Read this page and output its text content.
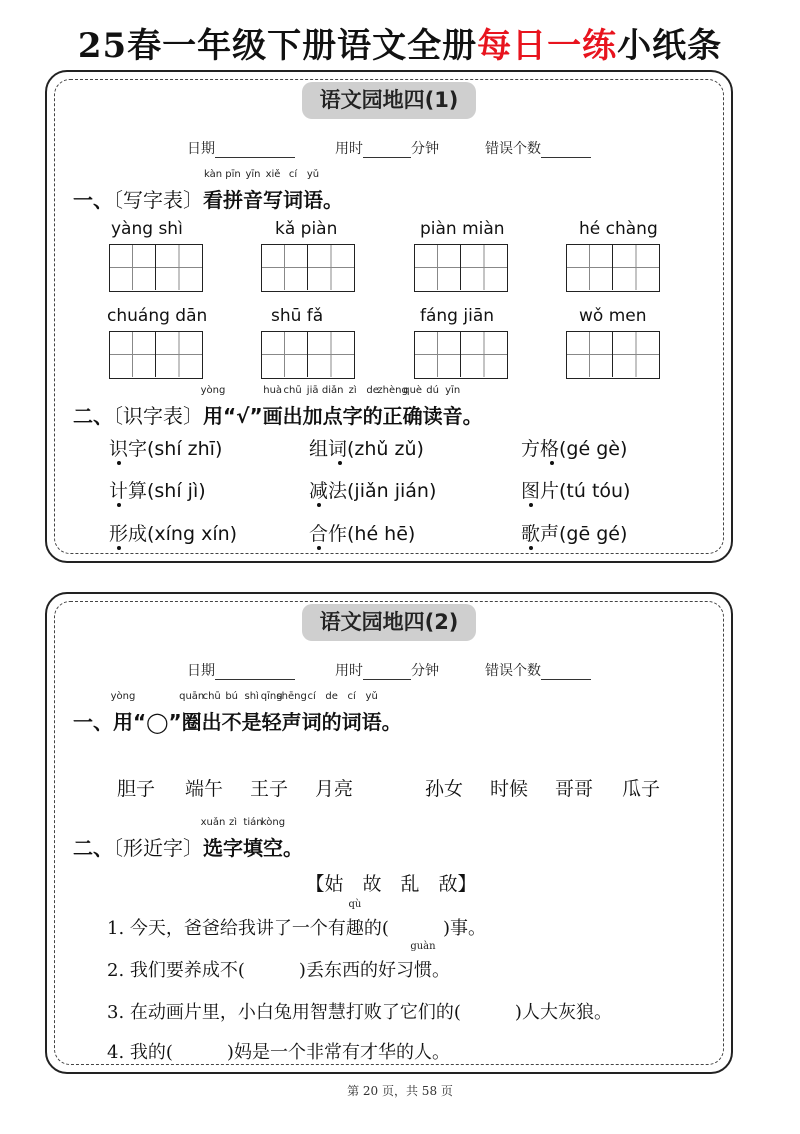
25春一年级下册语文全册每日一练小纸条
语文园地四(1)
日期	用时	分钟	错误个数
一、〔写字表〕看
kàn
拼
pīn
音
yīn
写
xiě
词
cí
语
yǔ
。
yàng shì	kǎ piàn	piàn miàn	hé chàng
chuáng dān	shū fǎ	fáng jiān	wǒ men
二、〔识字表〕用
yòng
“√”画
huà
出
chū
加
jiā
点
diǎn
字
zì
的
de
正
zhèng
确
què
读
dú
音
yīn
。
识字(shí zhī)	组词(zhǔ zǔ)	方格(gé gè)
计算(shí jì)	减法(jiǎn jián)	图片(tú tóu)
形成(xíng xín)	合作(hé hē)	歌声(gē gé)
语文园地四(2)
日期	用时	分钟	错误个数
一、用
yòng
“◯”圈
quān
出
chū
不
bú
是
shì
轻
qīng
声
shēng
词
cí
的
de
词
cí
语
yǔ
。
胆子 端午 王子 月亮	孙女 时候 哥哥 瓜子
二、〔形近字〕选
xuǎn
字
zì
填
tián
空
kòng
。
【姑　故　乱　敌】
1. 今天，爸爸给我讲了一个有趣
qù
的(　　　	)事。
2. 我们要养成不(　　　	)丢东西的好习惯
guàn
。
3. 在动画片里，小白兔用智慧打败了它们的(　　　	)人大灰狼。
4. 我的(　　　	)妈是一个非常有才华的人。
第 20 页，共 58 页
